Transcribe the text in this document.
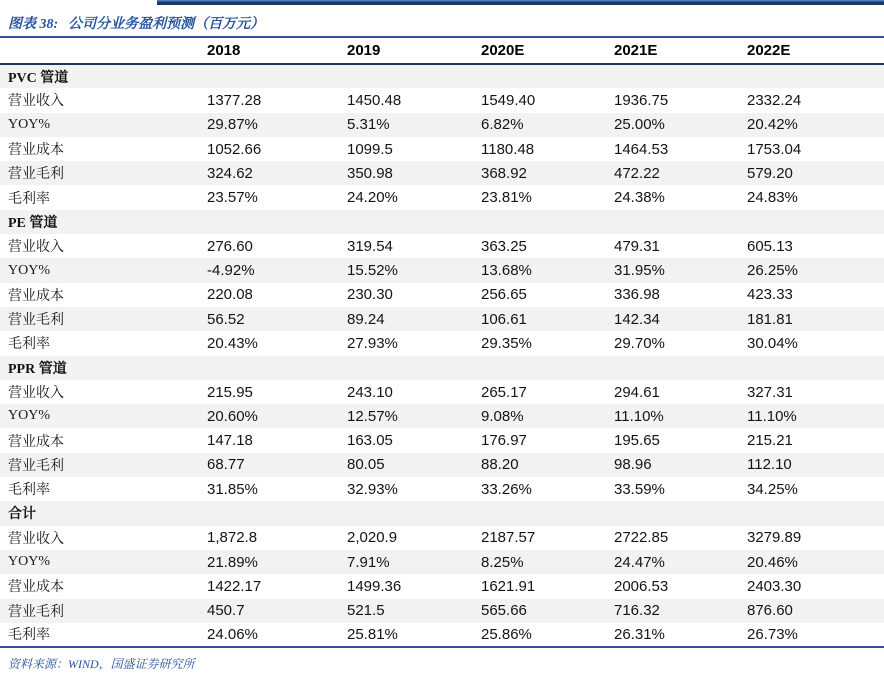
图表 38: 公司分业务盈利预测（百万元）
	2018	2019	2020E	2021E	2022E
PVC 管道					
营业收入	1377.28	1450.48	1549.40	1936.75	2332.24
YOY%	29.87%	5.31%	6.82%	25.00%	20.42%
营业成本	1052.66	1099.5	1180.48	1464.53	1753.04
营业毛利	324.62	350.98	368.92	472.22	579.20
毛利率	23.57%	24.20%	23.81%	24.38%	24.83%
PE 管道					
营业收入	276.60	319.54	363.25	479.31	605.13
YOY%	-4.92%	15.52%	13.68%	31.95%	26.25%
营业成本	220.08	230.30	256.65	336.98	423.33
营业毛利	56.52	89.24	106.61	142.34	181.81
毛利率	20.43%	27.93%	29.35%	29.70%	30.04%
PPR 管道					
营业收入	215.95	243.10	265.17	294.61	327.31
YOY%	20.60%	12.57%	9.08%	11.10%	11.10%
营业成本	147.18	163.05	176.97	195.65	215.21
营业毛利	68.77	80.05	88.20	98.96	112.10
毛利率	31.85%	32.93%	33.26%	33.59%	34.25%
合计					
营业收入	1,872.8	2,020.9	2187.57	2722.85	3279.89
YOY%	21.89%	7.91%	8.25%	24.47%	20.46%
营业成本	1422.17	1499.36	1621.91	2006.53	2403.30
营业毛利	450.7	521.5	565.66	716.32	876.60
毛利率	24.06%	25.81%	25.86%	26.31%	26.73%
资料来源：WIND，国盛证券研究所
